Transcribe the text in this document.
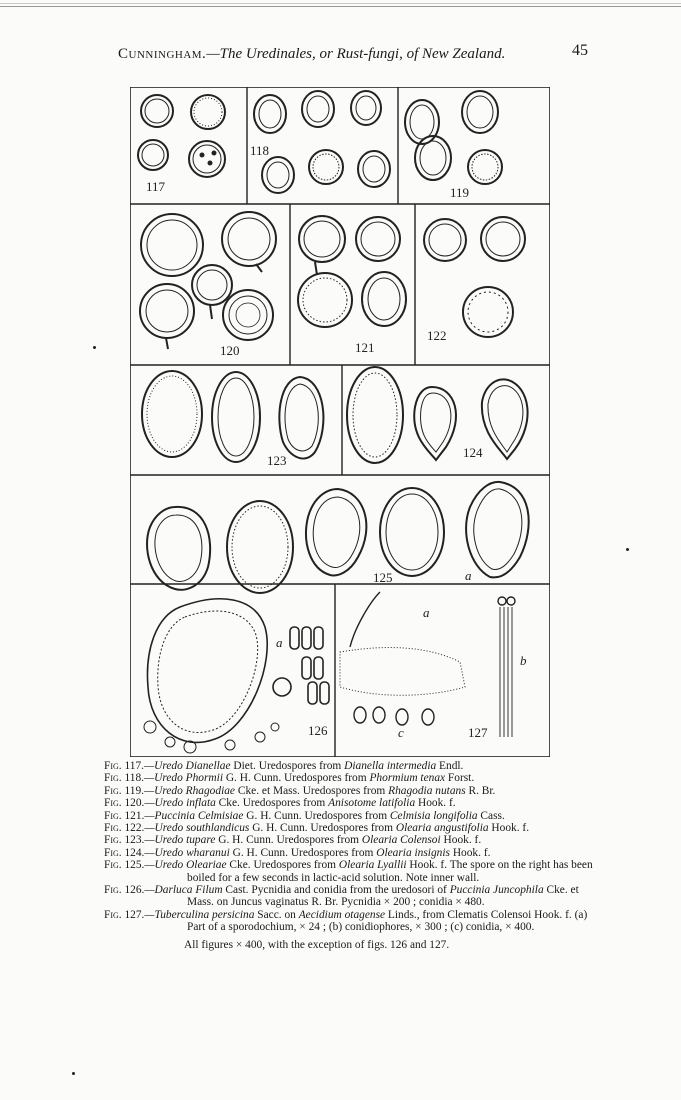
Cunningham.—The Uredinales, or Rust-fungi, of New Zealand.	45
117
118
119
120	121
122
123
124
125
126	127
a
a
a
b
c
Fig. 117.—Uredo Dianellae Diet. Uredospores from Dianella intermedia Endl.
Fig. 118.—Uredo Phormii G. H. Cunn. Uredospores from Phormium tenax Forst.
Fig. 119.—Uredo Rhagodiae Cke. et Mass. Uredospores from Rhagodia nutans R. Br.
Fig. 120.—Uredo inflata Cke. Uredospores from Anisotome latifolia Hook. f.
Fig. 121.—Puccinia Celmisiae G. H. Cunn. Uredospores from Celmisia longifolia Cass.
Fig. 122.—Uredo southlandicus G. H. Cunn. Uredospores from Olearia angustifolia Hook. f.
Fig. 123.—Uredo tupare G. H. Cunn. Uredospores from Olearia Colensoi Hook. f.
Fig. 124.—Uredo wharanui G. H. Cunn. Uredospores from Olearia insignis Hook. f.
Fig. 125.—Uredo Oleariae Cke. Uredospores from Olearia Lyallii Hook. f. The spore on the right has been boiled for a few seconds in lactic-acid solution. Note inner wall.
Fig. 126.—Darluca Filum Cast. Pycnidia and conidia from the uredosori of Puccinia Juncophila Cke. et Mass. on Juncus vaginatus R. Br. Pycnidia × 200 ; conidia × 480.
Fig. 127.—Tuberculina persicina Sacc. on Aecidium otagense Linds., from Clematis Colensoi Hook. f. (a) Part of a sporodochium, × 24 ; (b) conidiophores, × 300 ; (c) conidia, × 400.
All figures × 400, with the exception of figs. 126 and 127.
